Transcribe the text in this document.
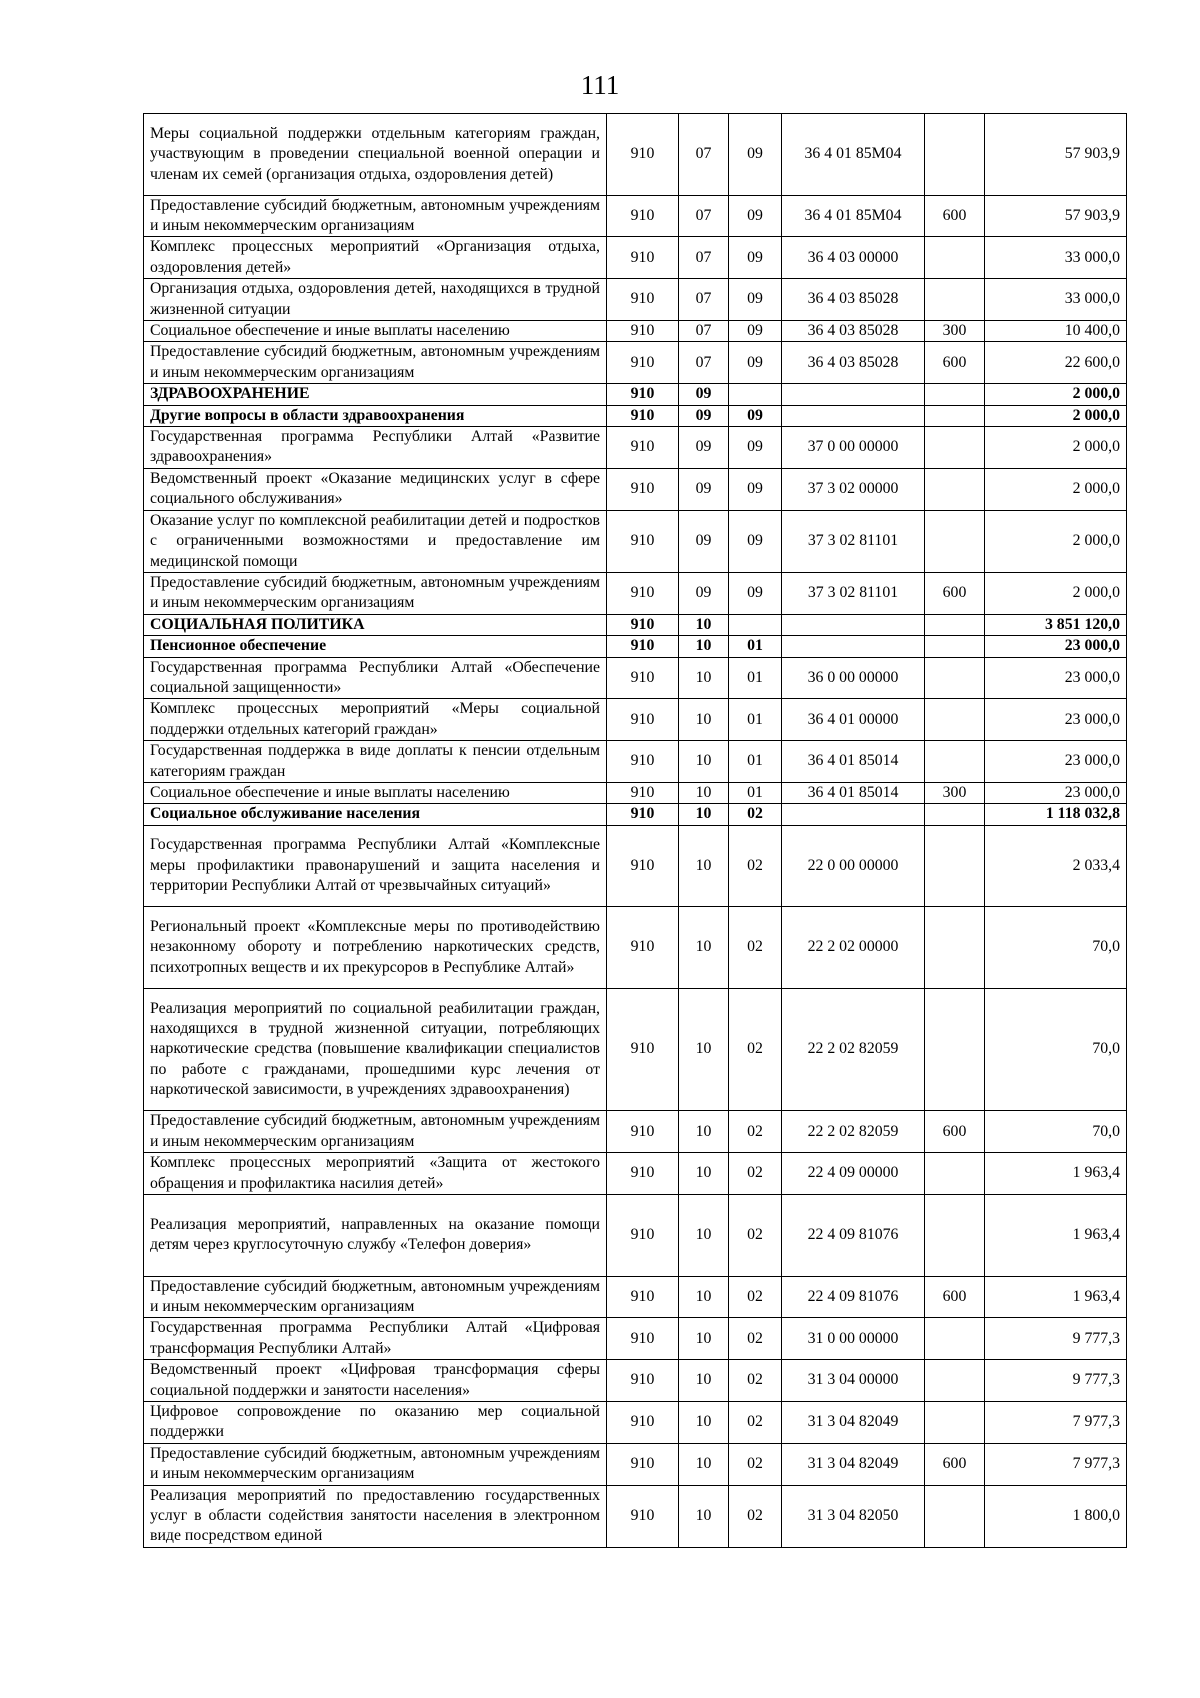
111
Меры социальной поддержки отдельным категориям граждан, участвующим в проведении специальной военной операции и членам их семей (организация отдыха, оздоровления детей)	910	07	09	36 4 01 85М04		57 903,9
Предоставление субсидий бюджетным, автономным учреждениям и иным некоммерческим организациям	910	07	09	36 4 01 85М04	600	57 903,9
Комплекс процессных мероприятий «Организация отдыха, оздоровления детей»	910	07	09	36 4 03 00000		33 000,0
Организация отдыха, оздоровления детей, находящихся в трудной жизненной ситуации	910	07	09	36 4 03 85028		33 000,0
Социальное обеспечение и иные выплаты населению	910	07	09	36 4 03 85028	300	10 400,0
Предоставление субсидий бюджетным, автономным учреждениям и иным некоммерческим организациям	910	07	09	36 4 03 85028	600	22 600,0
ЗДРАВООХРАНЕНИЕ	910	09				2 000,0
Другие вопросы в области здравоохранения	910	09	09			2 000,0
Государственная программа Республики Алтай «Развитие здравоохранения»	910	09	09	37 0 00 00000		2 000,0
Ведомственный проект «Оказание медицинских услуг в сфере социального обслуживания»	910	09	09	37 3 02 00000		2 000,0
Оказание услуг по комплексной реабилитации детей и подростков с ограниченными возможностями и предоставление им медицинской помощи	910	09	09	37 3 02 81101		2 000,0
Предоставление субсидий бюджетным, автономным учреждениям и иным некоммерческим организациям	910	09	09	37 3 02 81101	600	2 000,0
СОЦИАЛЬНАЯ ПОЛИТИКА	910	10				3 851 120,0
Пенсионное обеспечение	910	10	01			23 000,0
Государственная программа Республики Алтай «Обеспечение социальной защищенности»	910	10	01	36 0 00 00000		23 000,0
Комплекс процессных мероприятий «Меры социальной поддержки отдельных категорий граждан»	910	10	01	36 4 01 00000		23 000,0
Государственная поддержка в виде доплаты к пенсии отдельным категориям граждан	910	10	01	36 4 01 85014		23 000,0
Социальное обеспечение и иные выплаты населению	910	10	01	36 4 01 85014	300	23 000,0
Социальное обслуживание населения	910	10	02			1 118 032,8
Государственная программа Республики Алтай «Комплексные меры профилактики правонарушений и защита населения и территории Республики Алтай от чрезвычайных ситуаций»	910	10	02	22 0 00 00000		2 033,4
Региональный проект «Комплексные меры по противодействию незаконному обороту и потреблению наркотических средств, психотропных веществ и их прекурсоров в Республике Алтай»	910	10	02	22 2 02 00000		70,0
Реализация мероприятий по социальной реабилитации граждан, находящихся в трудной жизненной ситуации, потребляющих наркотические средства (повышение квалификации специалистов по работе с гражданами, прошедшими курс лечения от наркотической зависимости, в учреждениях здравоохранения)	910	10	02	22 2 02 82059		70,0
Предоставление субсидий бюджетным, автономным учреждениям и иным некоммерческим организациям	910	10	02	22 2 02 82059	600	70,0
Комплекс процессных мероприятий «Защита от жестокого обращения и профилактика насилия детей»	910	10	02	22 4 09 00000		1 963,4
Реализация мероприятий, направленных на оказание помощи детям через круглосуточную службу «Телефон доверия»	910	10	02	22 4 09 81076		1 963,4
Предоставление субсидий бюджетным, автономным учреждениям и иным некоммерческим организациям	910	10	02	22 4 09 81076	600	1 963,4
Государственная программа Республики Алтай «Цифровая трансформация Республики Алтай»	910	10	02	31 0 00 00000		9 777,3
Ведомственный проект «Цифровая трансформация сферы социальной поддержки и занятости населения»	910	10	02	31 3 04 00000		9 777,3
Цифровое сопровождение по оказанию мер социальной поддержки	910	10	02	31 3 04 82049		7 977,3
Предоставление субсидий бюджетным, автономным учреждениям и иным некоммерческим организациям	910	10	02	31 3 04 82049	600	7 977,3
Реализация мероприятий по предоставлению государственных услуг в области содействия занятости населения в электронном виде посредством единой	910	10	02	31 3 04 82050		1 800,0
